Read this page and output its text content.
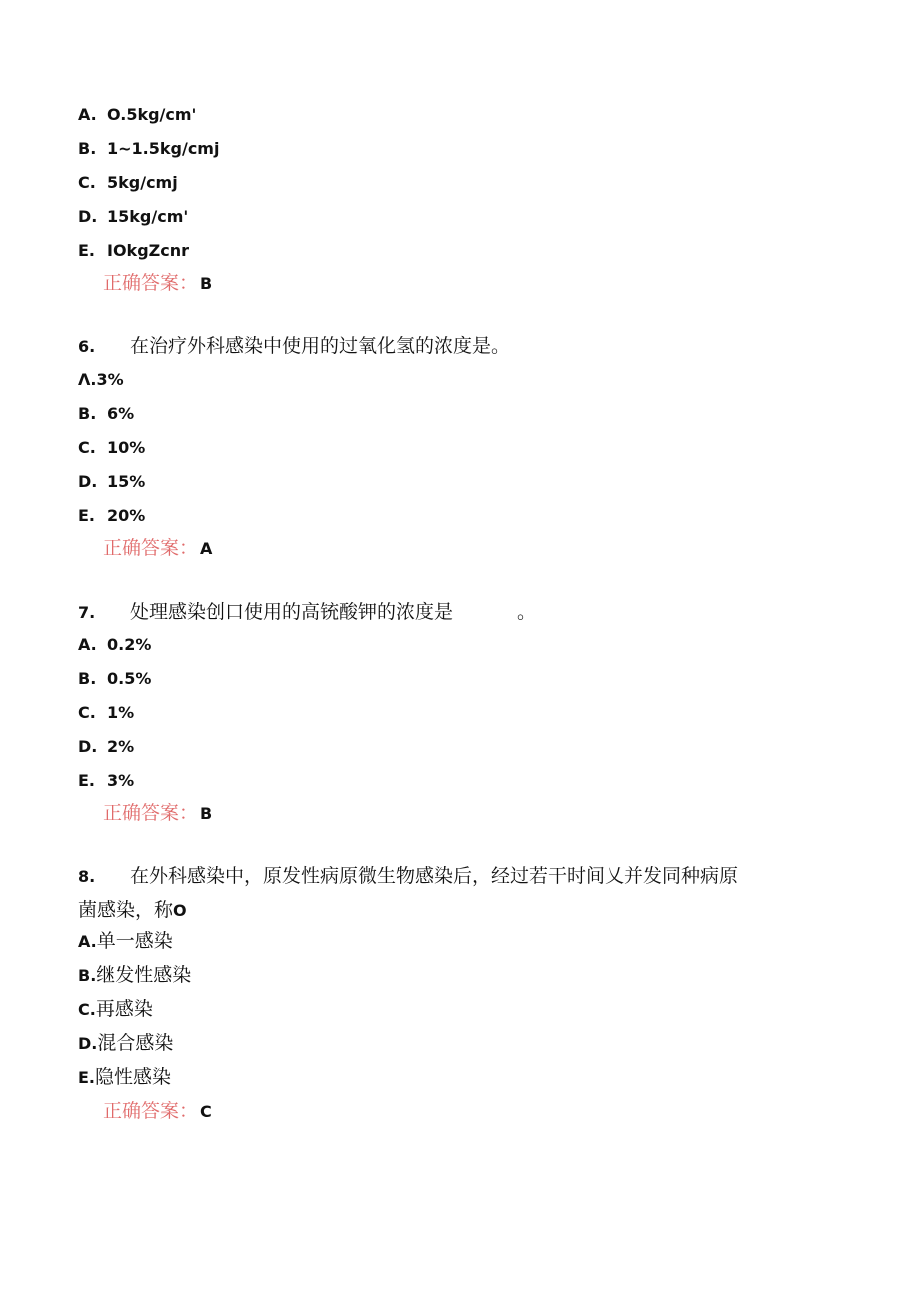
A. O.5kg/cm'
B. 1~1.5kg/cmj
C. 5kg/cmj
D. 15kg/cm'
E. IOkgZcnr
正确答案： B
6. 在治疗外科感染中使用的过氧化氢的浓度是。
Λ.3%
B. 6%
C. 10%
D. 15%
E. 20%
正确答案： A
7. 处理感染创口使用的高铳酸钾的浓度是	。
A. 0.2%
B. 0.5%
C. 1%
D. 2%
E. 3%
正确答案： B
8. 在外科感染中，原发性病原微生物感染后，经过若干时间乂并发同种病原
菌感染，称O
A.单一感染
B.继发性感染
C.再感染
D.混合感染
E.隐性感染
正确答案： C
